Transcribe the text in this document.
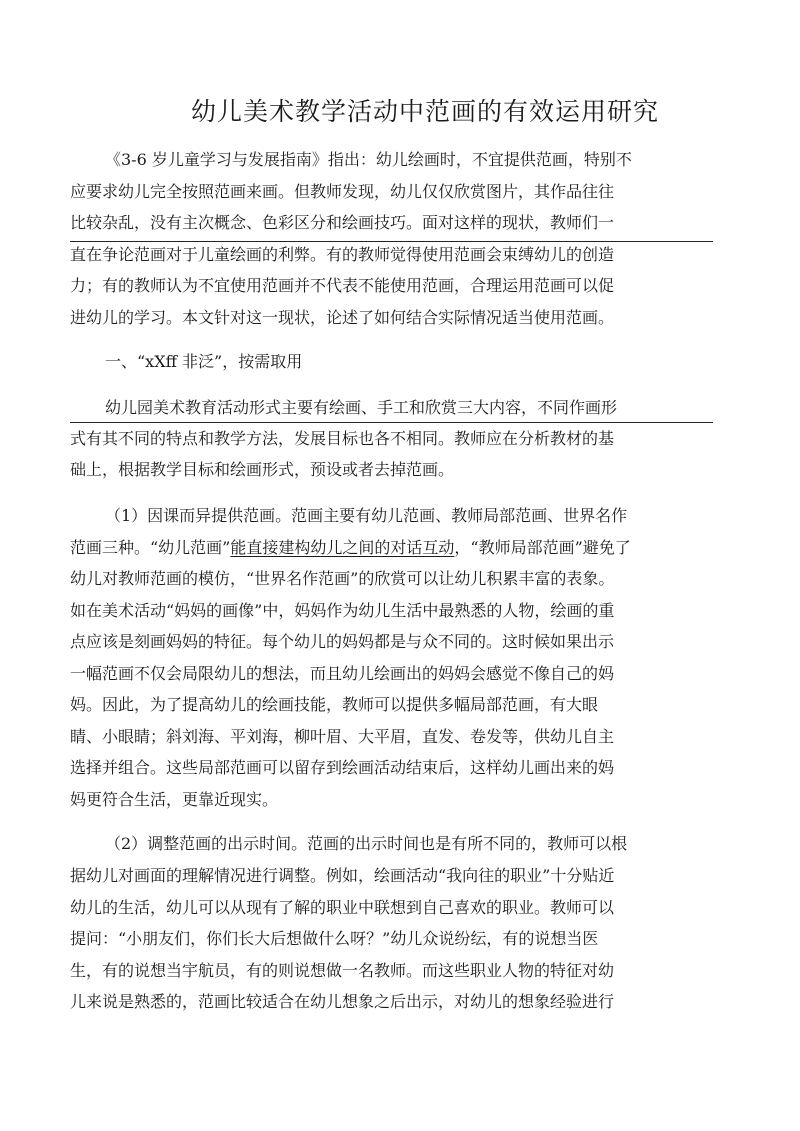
幼儿美术教学活动中范画的有效运用研究
《3-6 岁儿童学习与发展指南》指出：幼儿绘画时，不宜提供范画，特别不
应要求幼儿完全按照范画来画。但教师发现，幼儿仅仅欣赏图片，其作品往往
比较杂乱，没有主次概念、色彩区分和绘画技巧。面对这样的现状，教师们一
直在争论范画对于儿童绘画的利弊。有的教师觉得使用范画会束缚幼儿的创造
力；有的教师认为不宜使用范画并不代表不能使用范画，合理运用范画可以促
进幼儿的学习。本文针对这一现状，论述了如何结合实际情况适当使用范画。
一、“xXff 非泛”，按需取用
幼儿园美术教育活动形式主要有绘画、手工和欣赏三大内容，不同作画形
式有其不同的特点和教学方法，发展目标也各不相同。教师应在分析教材的基
础上，根据教学目标和绘画形式，预设或者去掉范画。
（1）因课而异提供范画。范画主要有幼儿范画、教师局部范画、世界名作
范画三种。“幼儿范画”能直接建构幼儿之间的对话互动，“教师局部范画”避免了
幼儿对教师范画的模仿，“世界名作范画”的欣赏可以让幼儿积累丰富的表象。
如在美术活动“妈妈的画像”中，妈妈作为幼儿生活中最熟悉的人物，绘画的重
点应该是刻画妈妈的特征。每个幼儿的妈妈都是与众不同的。这时候如果出示
一幅范画不仅会局限幼儿的想法，而且幼儿绘画出的妈妈会感觉不像自己的妈
妈。因此，为了提高幼儿的绘画技能，教师可以提供多幅局部范画，有大眼
睛、小眼睛；斜刘海、平刘海，柳叶眉、大平眉，直发、卷发等，供幼儿自主
选择并组合。这些局部范画可以留存到绘画活动结束后，这样幼儿画出来的妈
妈更符合生活，更靠近现实。
（2）调整范画的出示时间。范画的出示时间也是有所不同的，教师可以根
据幼儿对画面的理解情况进行调整。例如，绘画活动“我向往的职业”十分贴近
幼儿的生活，幼儿可以从现有了解的职业中联想到自己喜欢的职业。教师可以
提问：“小朋友们，你们长大后想做什么呀？”幼儿众说纷纭，有的说想当医
生，有的说想当宇航员，有的则说想做一名教师。而这些职业人物的特征对幼
儿来说是熟悉的，范画比较适合在幼儿想象之后出示，对幼儿的想象经验进行
